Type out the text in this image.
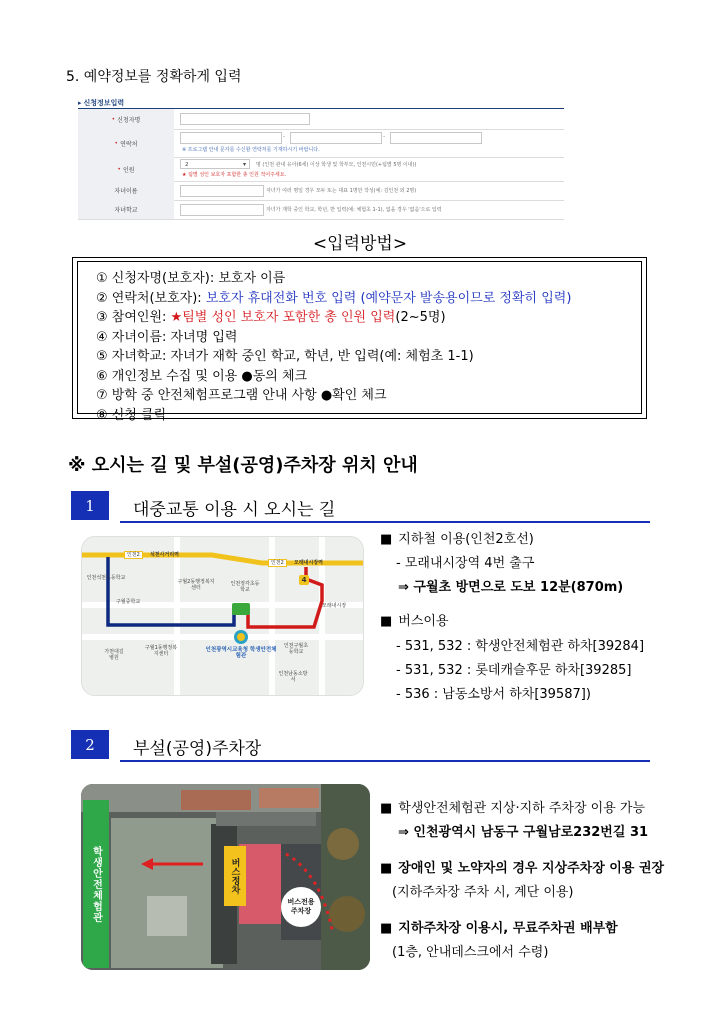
5. 예약정보를 정확하게 입력
▸ 신청정보입력
• 신청자명
• 연락처
-	-
※ 프로그램 안내 문자를 수신할 연락처를 기재하시기 바랍니다.
• 인원
2 ▾	명 (인천 관내 유아(6세) 이상 학생 및 학부모, 인천시민(+팀별 5명 이내))
★ 팀별 성인 보호자 포함한 총 인원 적어주세요.
자녀이름	자녀가 여러 명일 경우 모두 또는 대표 1명만 작성(예: 김인천 외 2명)
자녀학교	자녀가 재학 중인 학교, 학년, 반 입력(예: 체험초 1-1), 없을 경우 '없음'으로 입력
<입력방법>
① 신청자명(보호자): 보호자 이름
② 연락처(보호자): 보호자 휴대전화 번호 입력 (예약문자 발송용이므로 정확히 입력)
③ 참여인원: ★팀별 성인 보호자 포함한 총 인원 입력(2~5명)
④ 자녀이름: 자녀명 입력
⑤ 자녀학교: 자녀가 재학 중인 학교, 학년, 반 입력(예: 체험초 1-1)
⑥ 개인정보 수집 및 이용 ●동의 체크
⑦ 방학 중 안전체험프로그램 안내 사항 ●확인 체크
⑧ 신청 클릭
※ 오시는 길 및 부설(공영)주차장 위치 안내
1	대중교통 이용 시 오시는 길
인천2	석천사거리역
인천2	모래내시장역
4
인천석천초등학교
구월2동행정복지센터
인천정각초등학교
구월중학교
모래내시장
가천대길병원
구월1동행정복지센터
인천구월초등학교
인천남동소방서
인천광역시교육청 학생안전체험관
■ 지하철 이용(인천2호선)
- 모래내시장역 4번 출구
⇒ 구월초 방면으로 도보 12분(870m)
■ 버스이용
- 531, 532 : 학생안전체험관 하차[39284]
- 531, 532 : 롯데캐슬후문 하차[39285]
- 536 : 남동소방서 하차[39587])
2	부설(공영)주차장
학생안전체험관	버스정차
버스전용 주차장
■ 학생안전체험관 지상·지하 주차장 이용 가능
⇒ 인천광역시 남동구 구월남로232번길 31
■ 장애인 및 노약자의 경우 지상주차장 이용 권장
(지하주차장 주차 시, 계단 이용)
■ 지하주차장 이용시, 무료주차권 배부함
(1층, 안내데스크에서 수령)
